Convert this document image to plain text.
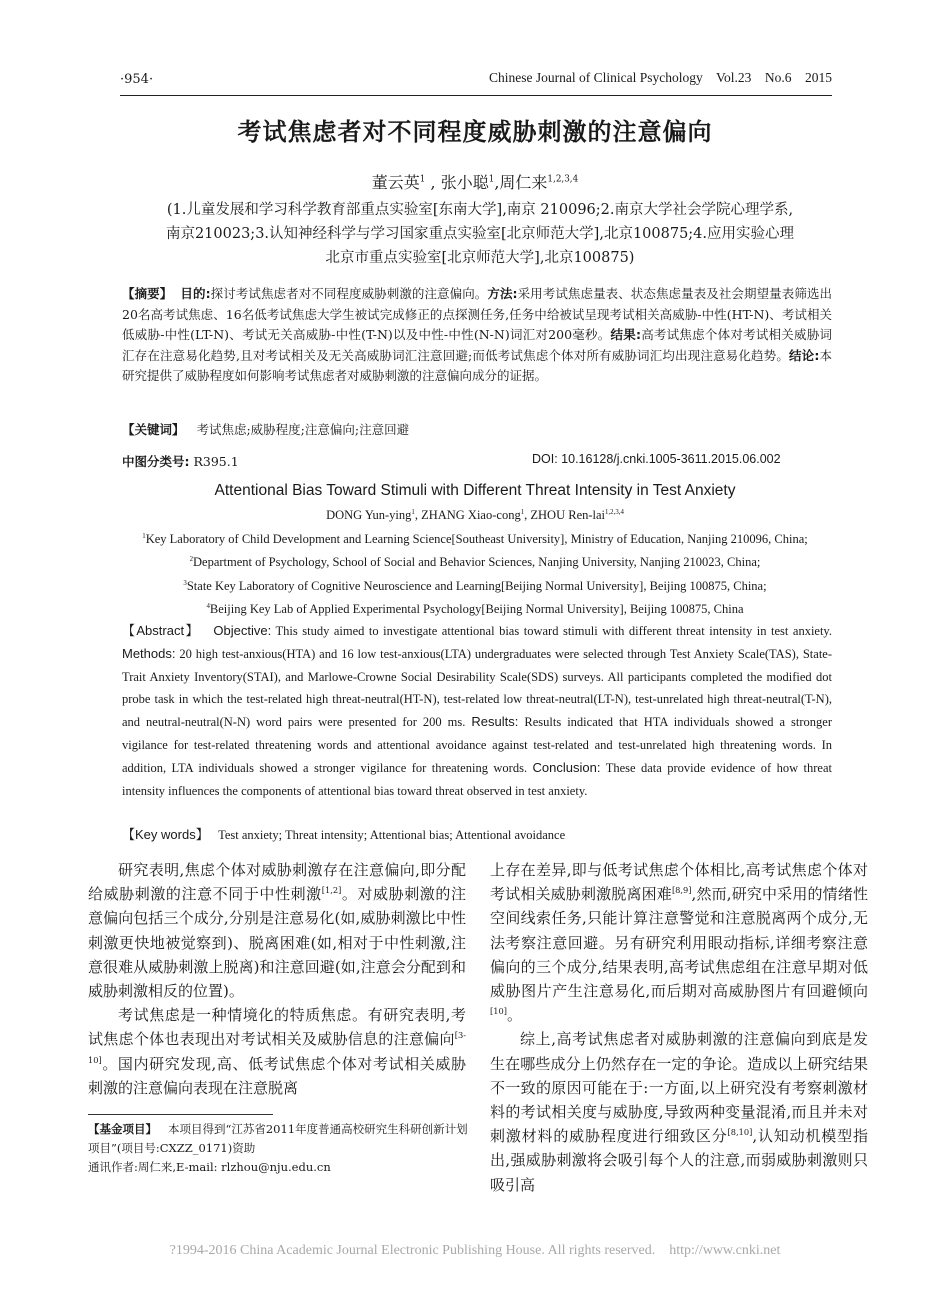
·954·	Chinese Journal of Clinical Psychology    Vol.23    No.6    2015
考试焦虑者对不同程度威胁刺激的注意偏向
董云英$^1$ , 张小聪$^1$,周仁来$^{1,2,3,4}$
(1.儿童发展和学习科学教育部重点实验室[东南大学],南京 210096;2.南京大学社会学院心理学系,南京210023;3.认知神经科学与学习国家重点实验室[北京师范大学],北京100875;4.应用实验心理北京市重点实验室[北京师范大学],北京100875)
【摘要】 目的:探讨考试焦虑者对不同程度威胁刺激的注意偏向。方法:采用考试焦虑量表、状态焦虑量表及社会期望量表筛选出20名高考试焦虑、16名低考试焦虑大学生被试完成修正的点探测任务,任务中给被试呈现考试相关高威胁-中性(HT-N)、考试相关低威胁-中性(LT-N)、考试无关高威胁-中性(T-N)以及中性-中性(N-N)词汇对200毫秒。结果:高考试焦虑个体对考试相关威胁词汇存在注意易化趋势,且对考试相关及无关高威胁词汇注意回避;而低考试焦虑个体对所有威胁词汇均出现注意易化趋势。结论:本研究提供了威胁程度如何影响考试焦虑者对威胁刺激的注意偏向成分的证据。
【关键词】 考试焦虑;威胁程度;注意偏向;注意回避
中图分类号: R395.1	DOI: 10.16128/j.cnki.1005-3611.2015.06.002
Attentional Bias Toward Stimuli with Different Threat Intensity in Test Anxiety
DONG Yun-ying$^1$, ZHANG Xiao-cong$^1$, ZHOU Ren-lai$^{1,2,3,4}$
$^1$Key Laboratory of Child Development and Learning Science[Southeast University], Ministry of Education, Nanjing 210096, China; $^2$Department of Psychology, School of Social and Behavior Sciences, Nanjing University, Nanjing 210023, China;
$^3$State Key Laboratory of Cognitive Neuroscience and Learning[Beijing Normal University], Beijing 100875, China;
$^4$Beijing Key Lab of Applied Experimental Psychology[Beijing Normal University], Beijing 100875, China
【Abstract】 Objective: This study aimed to investigate attentional bias toward stimuli with different threat intensity in test anxiety. Methods: 20 high test-anxious(HTA) and 16 low test-anxious(LTA) undergraduates were selected through Test Anxiety Scale(TAS), State-Trait Anxiety Inventory(STAI), and Marlowe-Crowne Social Desirability Scale(SDS) surveys. All participants completed the modified dot probe task in which the test-related high threat-neutral(HT-N), test-related low threat-neutral(LT-N), test-unrelated high threat-neutral(T-N), and neutral-neutral(N-N) word pairs were presented for 200 ms. Results: Results indicated that HTA individuals showed a stronger vigilance for test-related threatening words and attentional avoidance against test-related and test-unrelated high threatening words. In addition, LTA individuals showed a stronger vigilance for threatening words. Conclusion: These data provide evidence of how threat intensity influences the components of attentional bias toward threat observed in test anxiety.
【Key words】 Test anxiety; Threat intensity; Attentional bias; Attentional avoidance

研究表明,焦虑个体对威胁刺激存在注意偏向,即分配给威胁刺激的注意不同于中性刺激[1,2]。对威胁刺激的注意偏向包括三个成分,分别是注意易化(如,威胁刺激比中性刺激更快地被觉察到)、脱离困难(如,相对于中性刺激,注意很难从威胁刺激上脱离)和注意回避(如,注意会分配到和威胁刺激相反的位置)。

考试焦虑是一种情境化的特质焦虑。有研究表明,考试焦虑个体也表现出对考试相关及威胁信息的注意偏向[3-10]。国内研究发现,高、低考试焦虑个体对考试相关威胁刺激的注意偏向表现在注意脱离

上存在差异,即与低考试焦虑个体相比,高考试焦虑个体对考试相关威胁刺激脱离困难[8,9],然而,研究中采用的情绪性空间线索任务,只能计算注意警觉和注意脱离两个成分,无法考察注意回避。另有研究利用眼动指标,详细考察注意偏向的三个成分,结果表明,高考试焦虑组在注意早期对低威胁图片产生注意易化,而后期对高威胁图片有回避倾向[10]。

综上,高考试焦虑者对威胁刺激的注意偏向到底是发生在哪些成分上仍然存在一定的争论。造成以上研究结果不一致的原因可能在于:一方面,以上研究没有考察刺激材料的考试相关度与威胁度,导致两种变量混淆,而且并未对刺激材料的威胁程度进行细致区分[8,10],认知动机模型指出,强威胁刺激将会吸引每个人的注意,而弱威胁刺激则只吸引高

【基金项目】 本项目得到“江苏省2011年度普通高校研究生科研创新计划项目”(项目号:CXZZ_0171)资助
通讯作者:周仁来,E-mail: rlzhou@nju.edu.cn
?1994-2016 China Academic Journal Electronic Publishing House. All rights reserved.    http://www.cnki.net
